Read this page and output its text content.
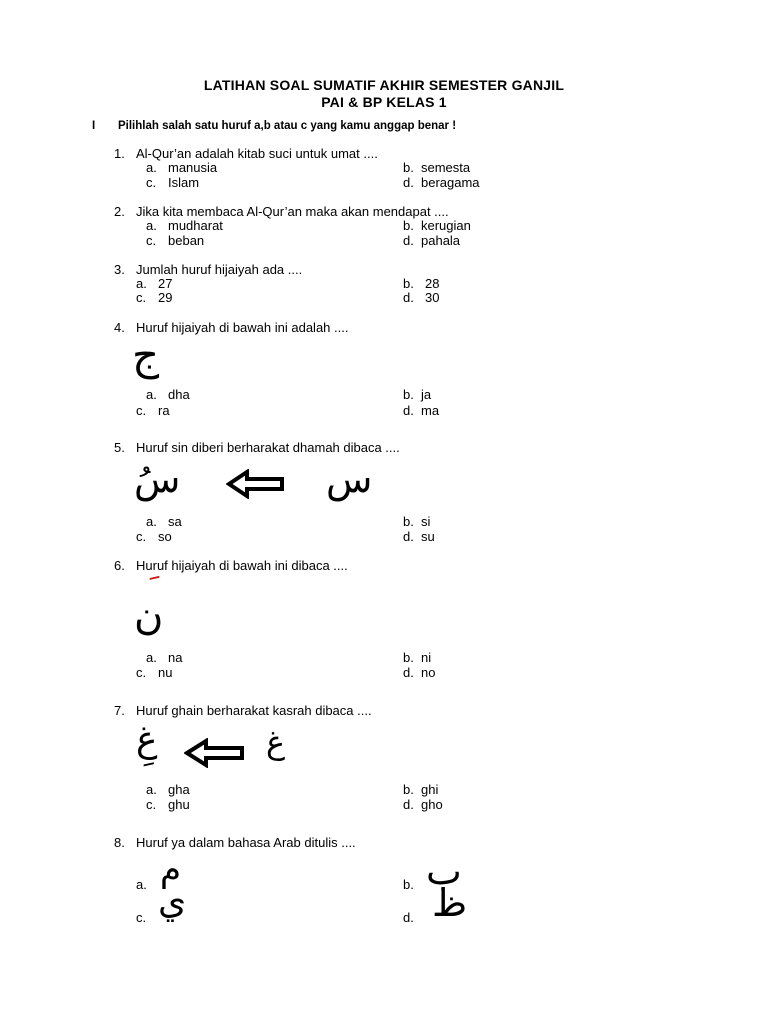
LATIHAN SOAL SUMATIF AKHIR SEMESTER GANJIL
PAI & BP KELAS 1
I Pilihlah salah satu huruf a,b atau c yang kamu anggap benar !
1. Al-Qur’an adalah kitab suci untuk umat ....
a. manusia	b. semesta
c. Islam	d. beragama
2. Jika kita membaca Al-Qur’an maka akan mendapat ....
a. mudharat	b. kerugian
c. beban	d. pahala
3. Jumlah huruf hijaiyah ada ....
a. 27	b. 28
c. 29	d. 30
4. Huruf hijaiyah di bawah ini adalah ....
ج
a. dha	b. ja
c. ra	d. ma
5. Huruf sin diberi berharakat dhamah dibaca ....
سُ	س
a. sa	b. si
c. so	d. su
6. Huruf hijaiyah di bawah ini dibaca ....
ن
a. na	b. ni
c. nu	d. no
7. Huruf ghain berharakat kasrah dibaca ....
غِ	غ
a. gha	b. ghi
c. ghu	d. gho
8. Huruf ya dalam bahasa Arab ditulis ....
a. م	b. ب
c. ي	d. ظ
